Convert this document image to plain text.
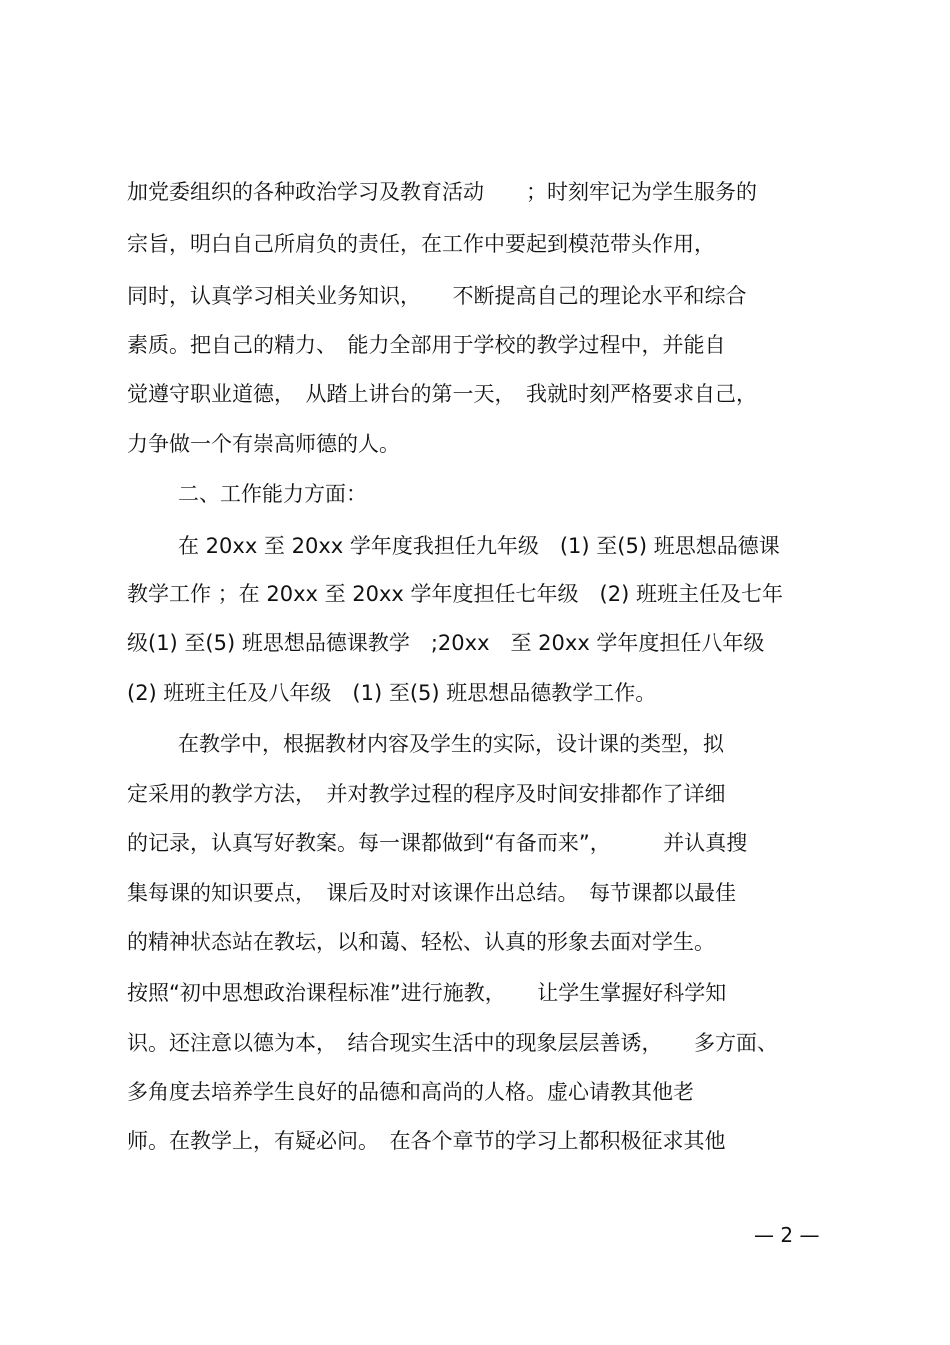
加党委组织的各种政治学习及教育活动　　；时刻牢记为学生服务的
宗旨，明白自己所肩负的责任，在工作中要起到模范带头作用，
同时，认真学习相关业务知识，　　不断提高自己的理论水平和综合
素质。把自己的精力、　能力全部用于学校的教学过程中，并能自
觉遵守职业道德，　从踏上讲台的第一天，　我就时刻严格要求自己，
力争做一个有崇高师德的人。
二、工作能力方面：
在 20xx 至 20xx 学年度我担任九年级　(1) 至(5) 班思想品德课
教学工作 ；在 20xx 至 20xx 学年度担任七年级　(2) 班班主任及七年
级(1) 至(5) 班思想品德课教学　;20xx　至 20xx 学年度担任八年级
(2) 班班主任及八年级　(1) 至(5) 班思想品德教学工作。
在教学中，根据教材内容及学生的实际，设计课的类型，拟
定采用的教学方法，　并对教学过程的程序及时间安排都作了详细
的记录，认真写好教案。每一课都做到“有备而来”，　　　并认真搜
集每课的知识要点，　课后及时对该课作出总结。　每节课都以最佳
的精神状态站在教坛，以和蔼、轻松、认真的形象去面对学生。
按照“初中思想政治课程标准”进行施教，　　让学生掌握好科学知
识。还注意以德为本，　结合现实生活中的现象层层善诱，　　多方面、
多角度去培养学生良好的品德和高尚的人格。虚心请教其他老
师。在教学上，有疑必问。　在各个章节的学习上都积极征求其他
— 2 —
